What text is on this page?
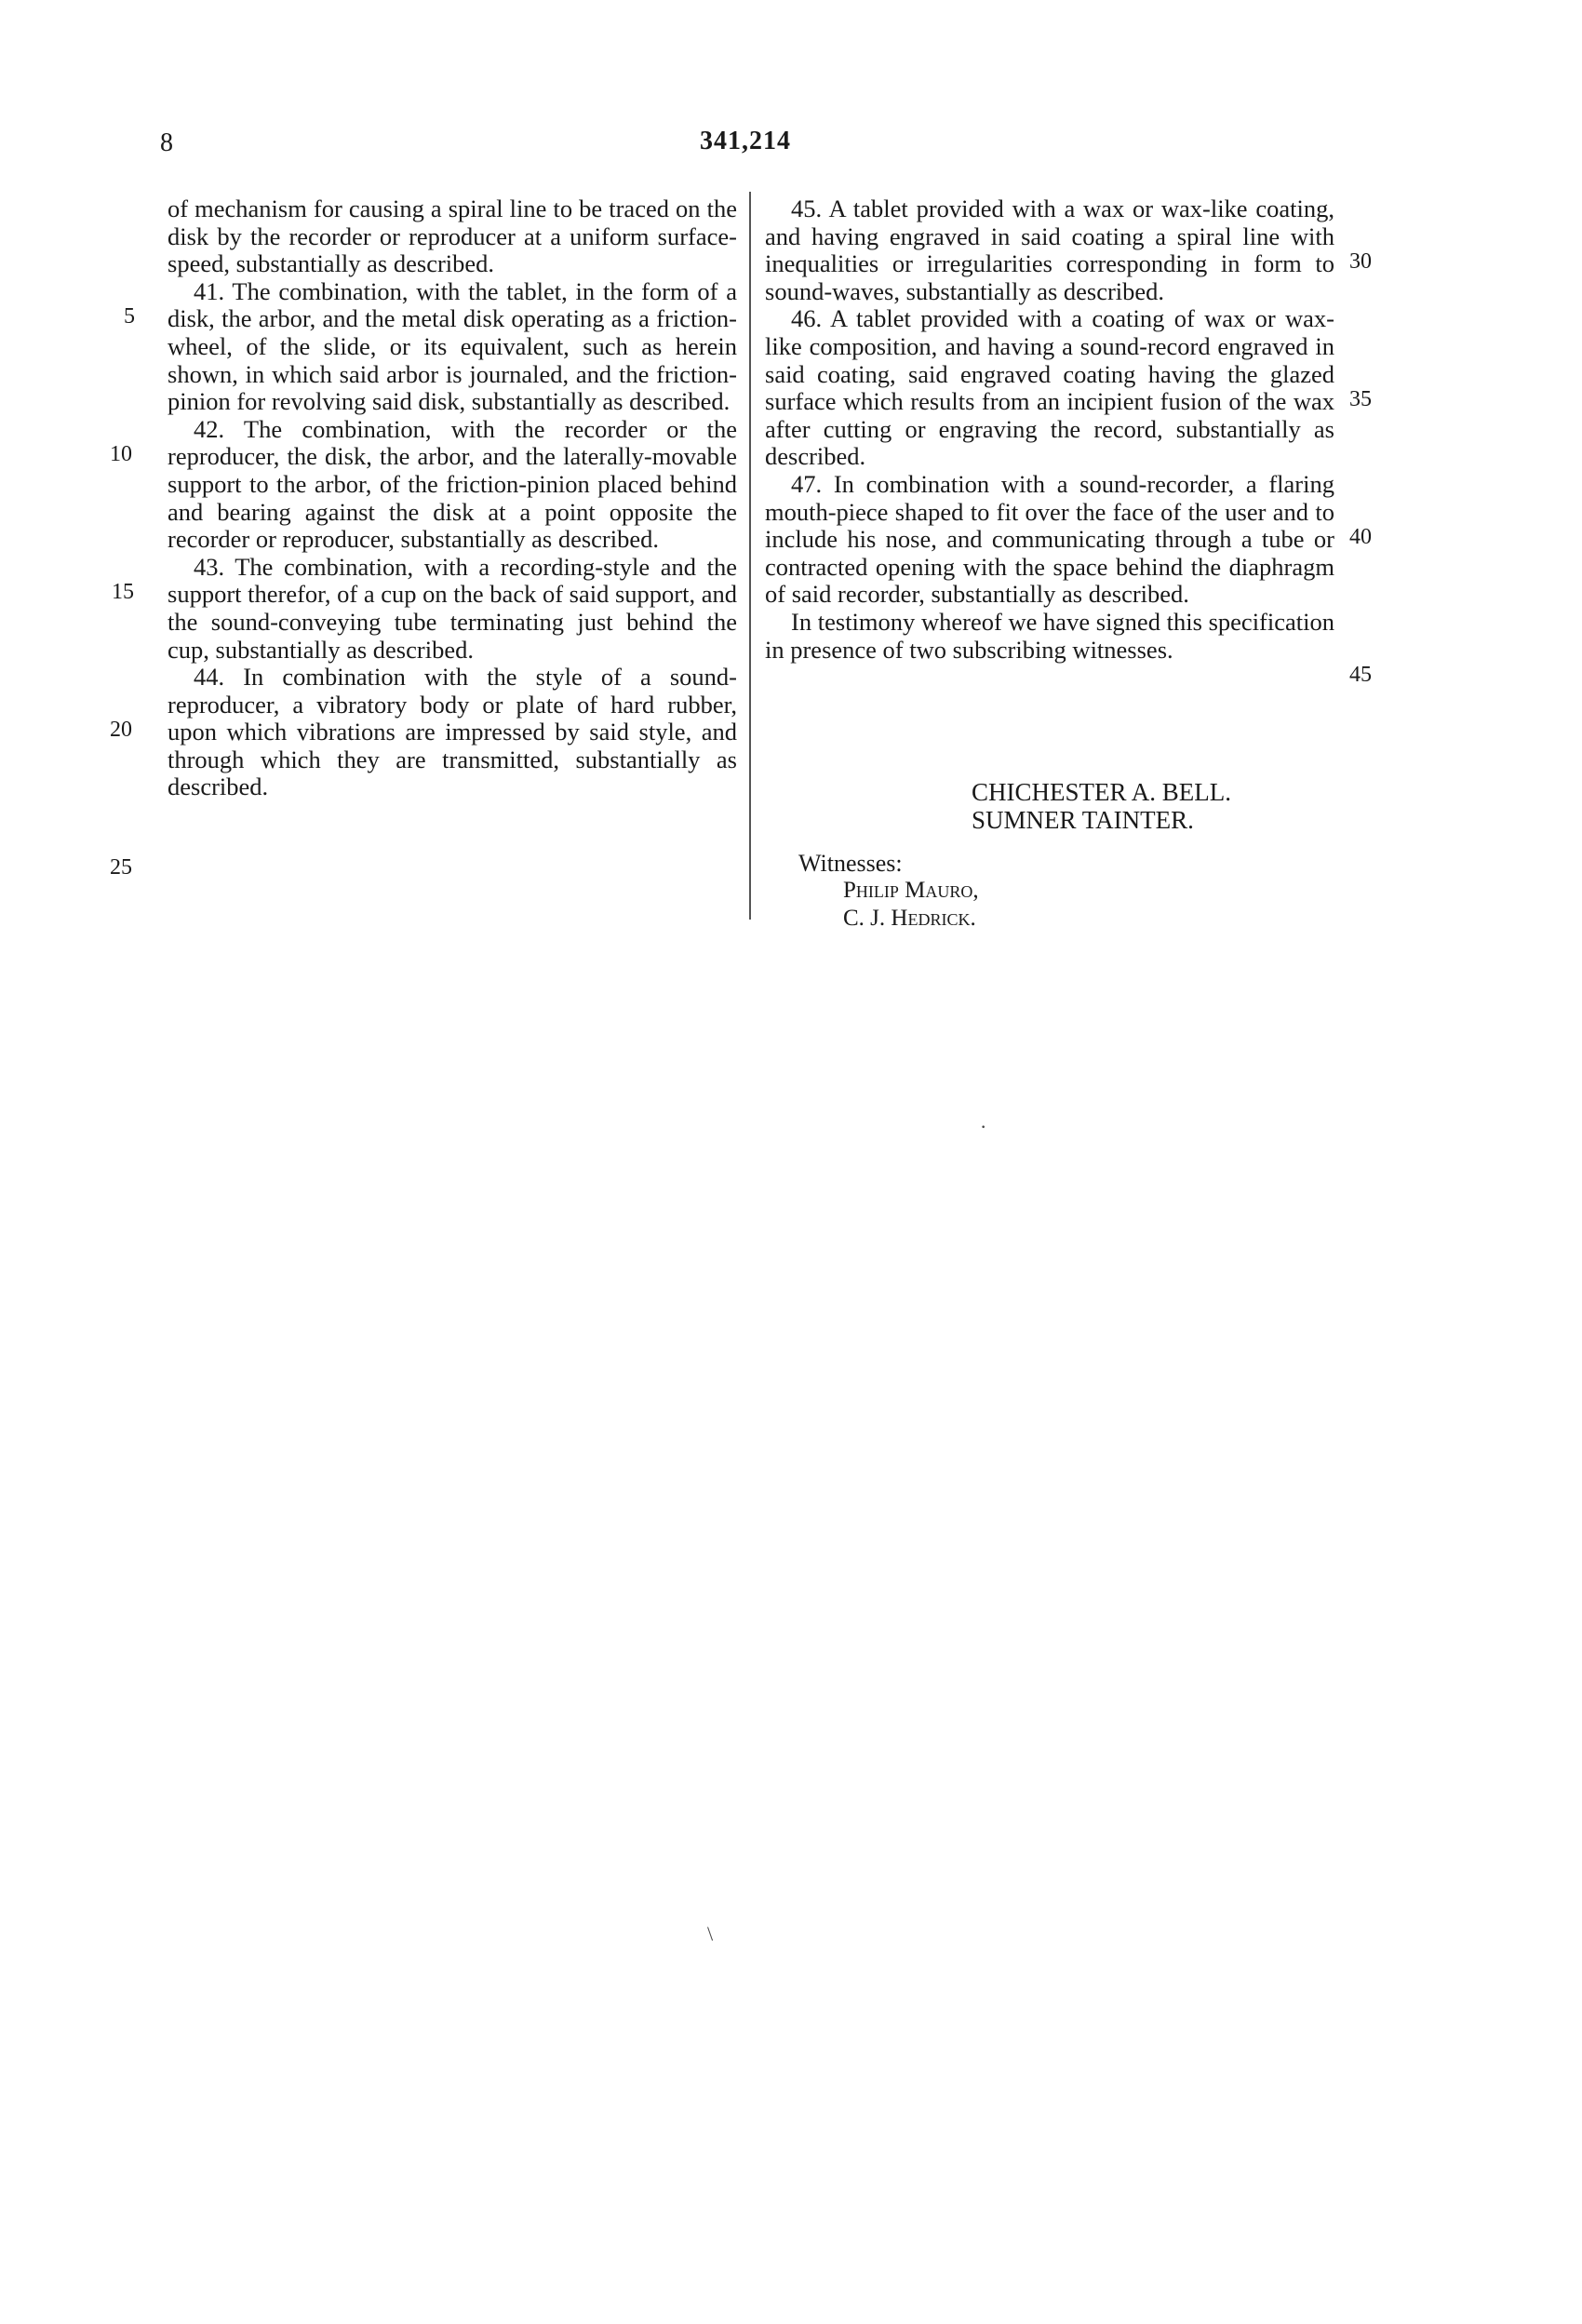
8	341,214

of mechanism for causing a spiral line to be traced on the disk by the recorder or reproducer at a uniform surface-speed, substantially as described.

41. The combination, with the tablet, in the form of a disk, the arbor, and the metal disk operating as a friction-wheel, of the slide, or its equivalent, such as herein shown, in which said arbor is journaled, and the friction-pinion for revolving said disk, substantially as described.

42. The combination, with the recorder or the reproducer, the disk, the arbor, and the laterally-movable support to the arbor, of the friction-pinion placed behind and bearing against the disk at a point opposite the recorder or reproducer, substantially as described.

43. The combination, with a recording-style and the support therefor, of a cup on the back of said support, and the sound-conveying tube terminating just behind the cup, substantially as described.

44. In combination with the style of a sound-reproducer, a vibratory body or plate of hard rubber, upon which vibrations are impressed by said style, and through which they are transmitted, substantially as described.

45. A tablet provided with a wax or wax-like coating, and having engraved in said coating a spiral line with inequalities or irregularities corresponding in form to sound-waves, substantially as described.

46. A tablet provided with a coating of wax or wax-like composition, and having a sound-record engraved in said coating, said engraved coating having the glazed surface which results from an incipient fusion of the wax after cutting or engraving the record, substantially as described.

47. In combination with a sound-recorder, a flaring mouth-piece shaped to fit over the face of the user and to include his nose, and communicating through a tube or contracted opening with the space behind the diaphragm of said recorder, substantially as described.

In testimony whereof we have signed this specification in presence of two subscribing witnesses.

5
10
15
20
25
30
35
40
45
CHICHESTER A. BELL.
SUMNER TAINTER.
Witnesses:
Philip Mauro,
C. J. Hedrick.
·
\
